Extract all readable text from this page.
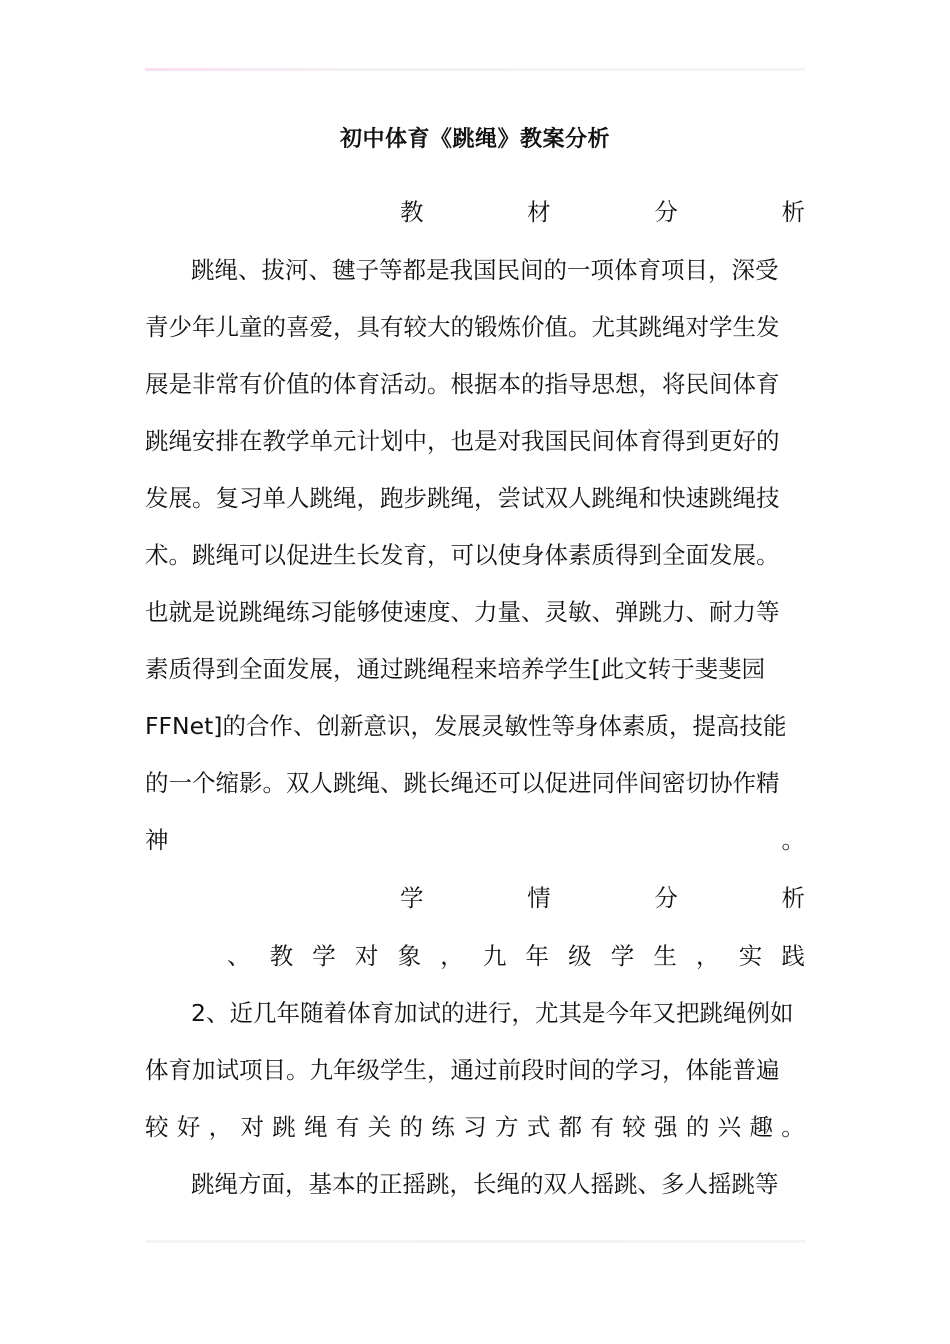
初中体育《跳绳》教案分析
教	材	分	析
跳绳、拔河、毽子等都是我国民间的一项体育项目，深受
青少年儿童的喜爱，具有较大的锻炼价值。尤其跳绳对学生发
展是非常有价值的体育活动。根据本的指导思想，将民间体育
跳绳安排在教学单元计划中，也是对我国民间体育得到更好的
发展。复习单人跳绳，跑步跳绳，尝试双人跳绳和快速跳绳技
术。跳绳可以促进生长发育，可以使身体素质得到全面发展。
也就是说跳绳练习能够使速度、力量、灵敏、弹跳力、耐力等
素质得到全面发展，通过跳绳程来培养学生[此文转于斐斐园
FFNet]的合作、创新意识，发展灵敏性等身体素质，提高技能
的一个缩影。双人跳绳、跳长绳还可以促进同伴间密切协作精
神	。
学	情	分	析
、 教 学 对 象 ， 九 年 级 学 生 ， 实 践
2、近几年随着体育加试的进行，尤其是今年又把跳绳例如
体育加试项目。九年级学生，通过前段时间的学习，体能普遍
较 好 ， 对 跳 绳 有 关 的 练 习 方 式 都 有 较 强 的 兴 趣 。
跳绳方面，基本的正摇跳，长绳的双人摇跳、多人摇跳等
